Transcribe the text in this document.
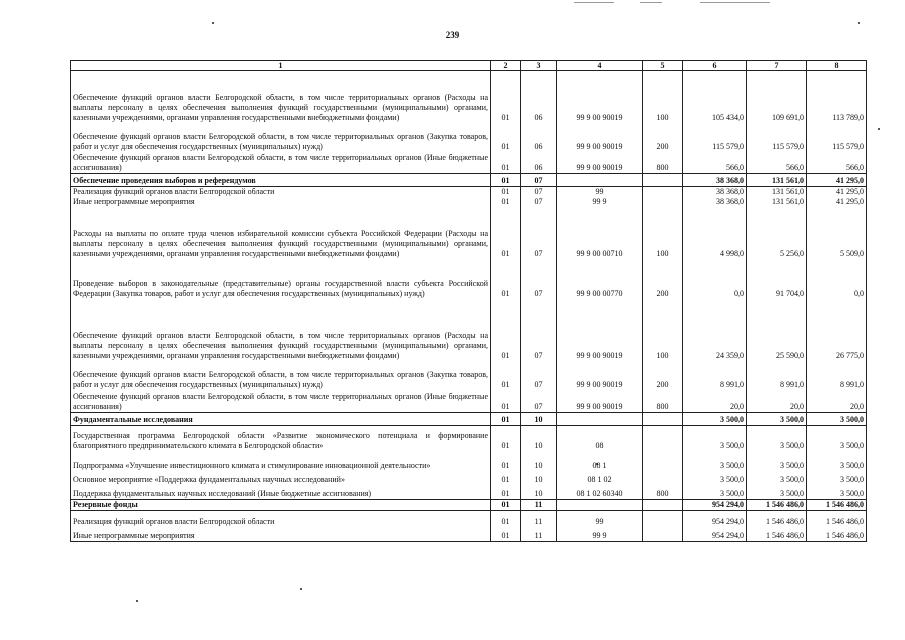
239
1	2	3	4	5	6	7	8
Обеспечение функций органов власти Белгородской области, в том числе территориальных органов (Расходы на выплаты персоналу в целях обеспечения выполнения функций государственными (муниципальными) органами, казенными учреждениями, органами управления государственными внебюджетными фондами)	01	06	99 9 00 90019	100	105 434,0	109 691,0	113 789,0
Обеспечение функций органов власти Белгородской области, в том числе территориальных органов (Закупка товаров, работ и услуг для обеспечения государственных (муниципальных) нужд)	01	06	99 9 00 90019	200	115 579,0	115 579,0	115 579,0
Обеспечение функций органов власти Белгородской области, в том числе территориальных органов (Иные бюджетные ассигнования)	01	06	99 9 00 90019	800	566,0	566,0	566,0
Обеспечение проведения выборов и референдумов	01	07			38 368,0	131 561,0	41 295,0
Реализация функций органов власти Белгородской области	01	07	99		38 368,0	131 561,0	41 295,0
Иные непрограммные мероприятия	01	07	99 9		38 368,0	131 561,0	41 295,0
Расходы на выплаты по оплате труда членов избирательной комиссии субъекта Российской Федерации (Расходы на выплаты персоналу в целях обеспечения выполнения функций государственными (муниципальными) органами, казенными учреждениями, органами управления государственными внебюджетными фондами)	01	07	99 9 00 00710	100	4 998,0	5 256,0	5 509,0
Проведение выборов в законодательные (представительные) органы государственной власти субъекта Российской Федерации (Закупка товаров, работ и услуг для обеспечения государственных (муниципальных) нужд)	01	07	99 9 00 00770	200	0,0	91 704,0	0,0
Обеспечение функций органов власти Белгородской области, в том числе территориальных органов (Расходы на выплаты персоналу в целях обеспечения выполнения функций государственными (муниципальными) органами, казенными учреждениями, органами управления государственными внебюджетными фондами)	01	07	99 9 00 90019	100	24 359,0	25 590,0	26 775,0
Обеспечение функций органов власти Белгородской области, в том числе территориальных органов (Закупка товаров, работ и услуг для обеспечения государственных (муниципальных) нужд)	01	07	99 9 00 90019	200	8 991,0	8 991,0	8 991,0
Обеспечение функций органов власти Белгородской области, в том числе территориальных органов (Иные бюджетные ассигнования)	01	07	99 9 00 90019	800	20,0	20,0	20,0
Фундаментальные исследования	01	10			3 500,0	3 500,0	3 500,0
Государственная программа Белгородской области «Развитие экономического потенциала и формирование благоприятного предпринимательского климата в Белгородской области»	01	10	08		3 500,0	3 500,0	3 500,0
Подпрограмма «Улучшение инвестиционного климата и стимулирование инновационной деятельности»	01	10	08 1		3 500,0	3 500,0	3 500,0
Основное мероприятие «Поддержка фундаментальных научных исследований»	01	10	08 1 02		3 500,0	3 500,0	3 500,0
Поддержка фундаментальных научных исследований (Иные бюджетные ассигнования)	01	10	08 1 02 60340	800	3 500,0	3 500,0	3 500,0
Резервные фонды	01	11			954 294,0	1 546 486,0	1 546 486,0
Реализация функций органов власти Белгородской области	01	11	99		954 294,0	1 546 486,0	1 546 486,0
Иные непрограммные мероприятия	01	11	99 9		954 294,0	1 546 486,0	1 546 486,0
